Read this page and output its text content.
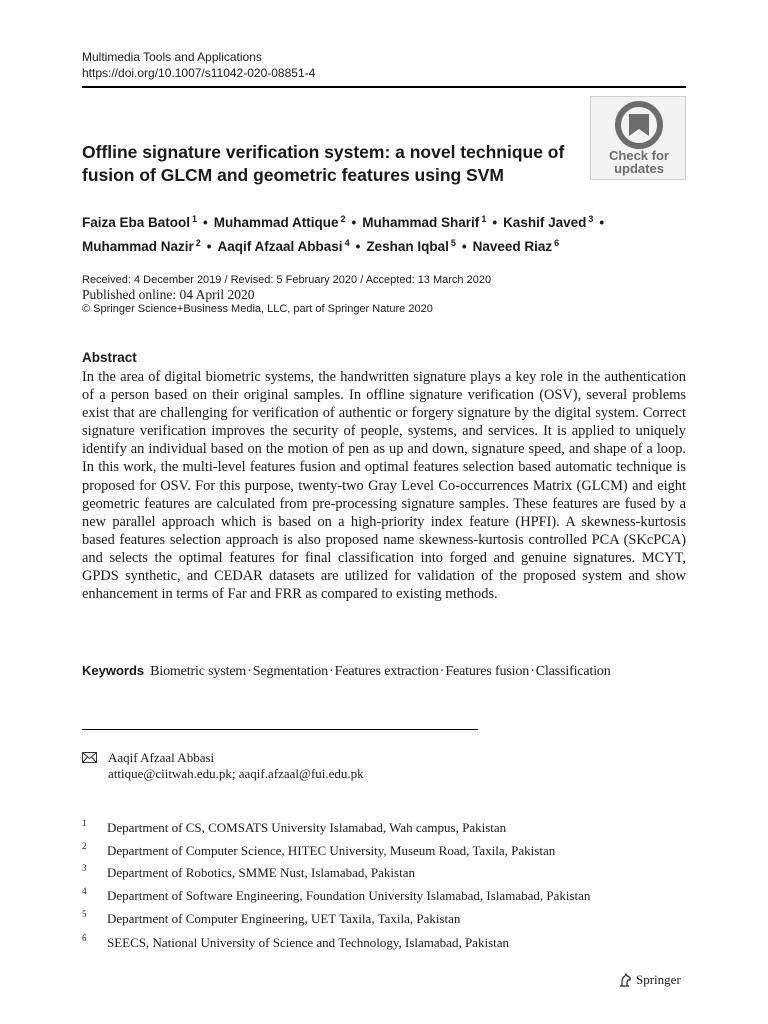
Multimedia Tools and Applications
https://doi.org/10.1007/s11042-020-08851-4
Check for
updates
Offline signature verification system: a novel technique of fusion of GLCM and geometric features using SVM
Faiza Eba Batool $^1$ • Muhammad Attique $^2$ • Muhammad Sharif $^1$ • Kashif Javed $^3$ •
Muhammad Nazir $^2$ • Aaqif Afzaal Abbasi $^4$ • Zeshan Iqbal $^5$ • Naveed Riaz $^6$
Received: 4 December 2019 / Revised: 5 February 2020 / Accepted: 13 March 2020
Published online: 04 April 2020
© Springer Science+Business Media, LLC, part of Springer Nature 2020
Abstract

In the area of digital biometric systems, the handwritten signature plays a key role in the authentication of a person based on their original samples. In offline signature verification (OSV), several problems exist that are challenging for verification of authentic or forgery signature by the digital system. Correct signature verification improves the security of people, systems, and services. It is applied to uniquely identify an individual based on the motion of pen as up and down, signature speed, and shape of a loop. In this work, the multi-level features fusion and optimal features selection based automatic technique is proposed for OSV. For this purpose, twenty-two Gray Level Co-occurrences Matrix (GLCM) and eight geometric features are calculated from pre-processing signature samples. These features are fused by a new parallel approach which is based on a high-priority index feature (HPFI). A skewness-kurtosis based features selection approach is also proposed name skewness-kurtosis controlled PCA (SKcPCA) and selects the optimal features for final classification into forged and genuine signatures. MCYT, GPDS synthetic, and CEDAR datasets are utilized for validation of the proposed system and show enhancement in terms of Far and FRR as compared to existing methods.

Keywords Biometric system·Segmentation·Features extraction·Features fusion·Classification
Aaqif Afzaal Abbasi
attique@ciitwah.edu.pk; aaqif.afzaal@fui.edu.pk
1 Department of CS, COMSATS University Islamabad, Wah campus, Pakistan
2 Department of Computer Science, HITEC University, Museum Road, Taxila, Pakistan
3 Department of Robotics, SMME Nust, Islamabad, Pakistan
4 Department of Software Engineering, Foundation University Islamabad, Islamabad, Pakistan
5 Department of Computer Engineering, UET Taxila, Taxila, Pakistan
6 SEECS, National University of Science and Technology, Islamabad, Pakistan
Springer
